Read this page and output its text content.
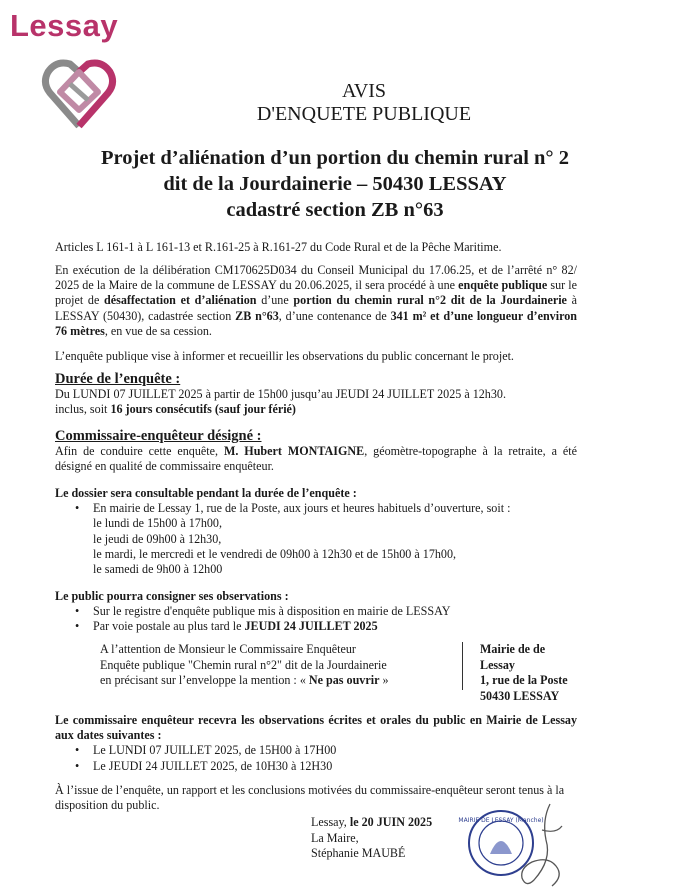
Lessay
AVIS
D'ENQUETE PUBLIQUE
Projet d’aliénation d’un portion du chemin rural n° 2
dit de la Jourdainerie – 50430 LESSAY
cadastré section ZB n°63

Articles L 161-1 à L 161-13 et R.161-25 à R.161-27 du Code Rural et de la Pêche Maritime.

En exécution de la délibération CM170625D034 du Conseil Municipal du 17.06.25, et de l’arrêté n° 82/ 2025 de la Maire de la commune de LESSAY du 20.06.2025, il sera procédé à une enquête publique sur le projet de désaffectation et d’aliénation d’une portion du chemin rural n°2 dit de la Jourdainerie à LESSAY (50430), cadastrée section ZB n°63, d’une contenance de 341 m² et d’une longueur d’environ 76 mètres, en vue de sa cession.

L’enquête publique vise à informer et recueillir les observations du public concernant le projet.

Durée de l’enquête :

Du LUNDI 07 JUILLET 2025 à partir de 15h00 jusqu’au JEUDI 24 JUILLET 2025 à 12h30.

inclus, soit 16 jours consécutifs (sauf jour férié)

Commissaire-enquêteur désigné :

Afin de conduire cette enquête, M. Hubert MONTAIGNE, géomètre-topographe à la retraite, a été désigné en qualité de commissaire enquêteur.

Le dossier sera consultable pendant la durée de l’enquête :

• En mairie de Lessay 1, rue de la Poste, aux jours et heures habituels d’ouverture, soit :

le lundi de 15h00 à 17h00,

le jeudi de 09h00 à 12h30,

le mardi, le mercredi et le vendredi de 09h00 à 12h30 et de 15h00 à 17h00,

le samedi de 9h00 à 12h00

Le public pourra consigner ses observations :

• Sur le registre d'enquête publique mis à disposition en mairie de LESSAY
• Par voie postale au plus tard le JEUDI 24 JUILLET 2025
A l’attention de Monsieur le Commissaire Enquêteur
Enquête publique "Chemin rural n°2" dit de la Jourdainerie
en précisant sur l’enveloppe la mention : « Ne pas ouvrir »
Mairie de de Lessay
1, rue de la Poste
50430 LESSAY

Le commissaire enquêteur recevra les observations écrites et orales du public en Mairie de Lessay aux dates suivantes :

• Le LUNDI 07 JUILLET 2025, de 15H00 à 17H00
• Le JEUDI 24 JUILLET 2025, de 10H30 à 12H30

À l’issue de l’enquête, un rapport et les conclusions motivées du commissaire-enquêteur seront tenus à la disposition du public.

Lessay, le 20 JUIN 2025
La Maire,
Stéphanie MAUBÉ
MAIRIE DE LESSAY (Manche)
